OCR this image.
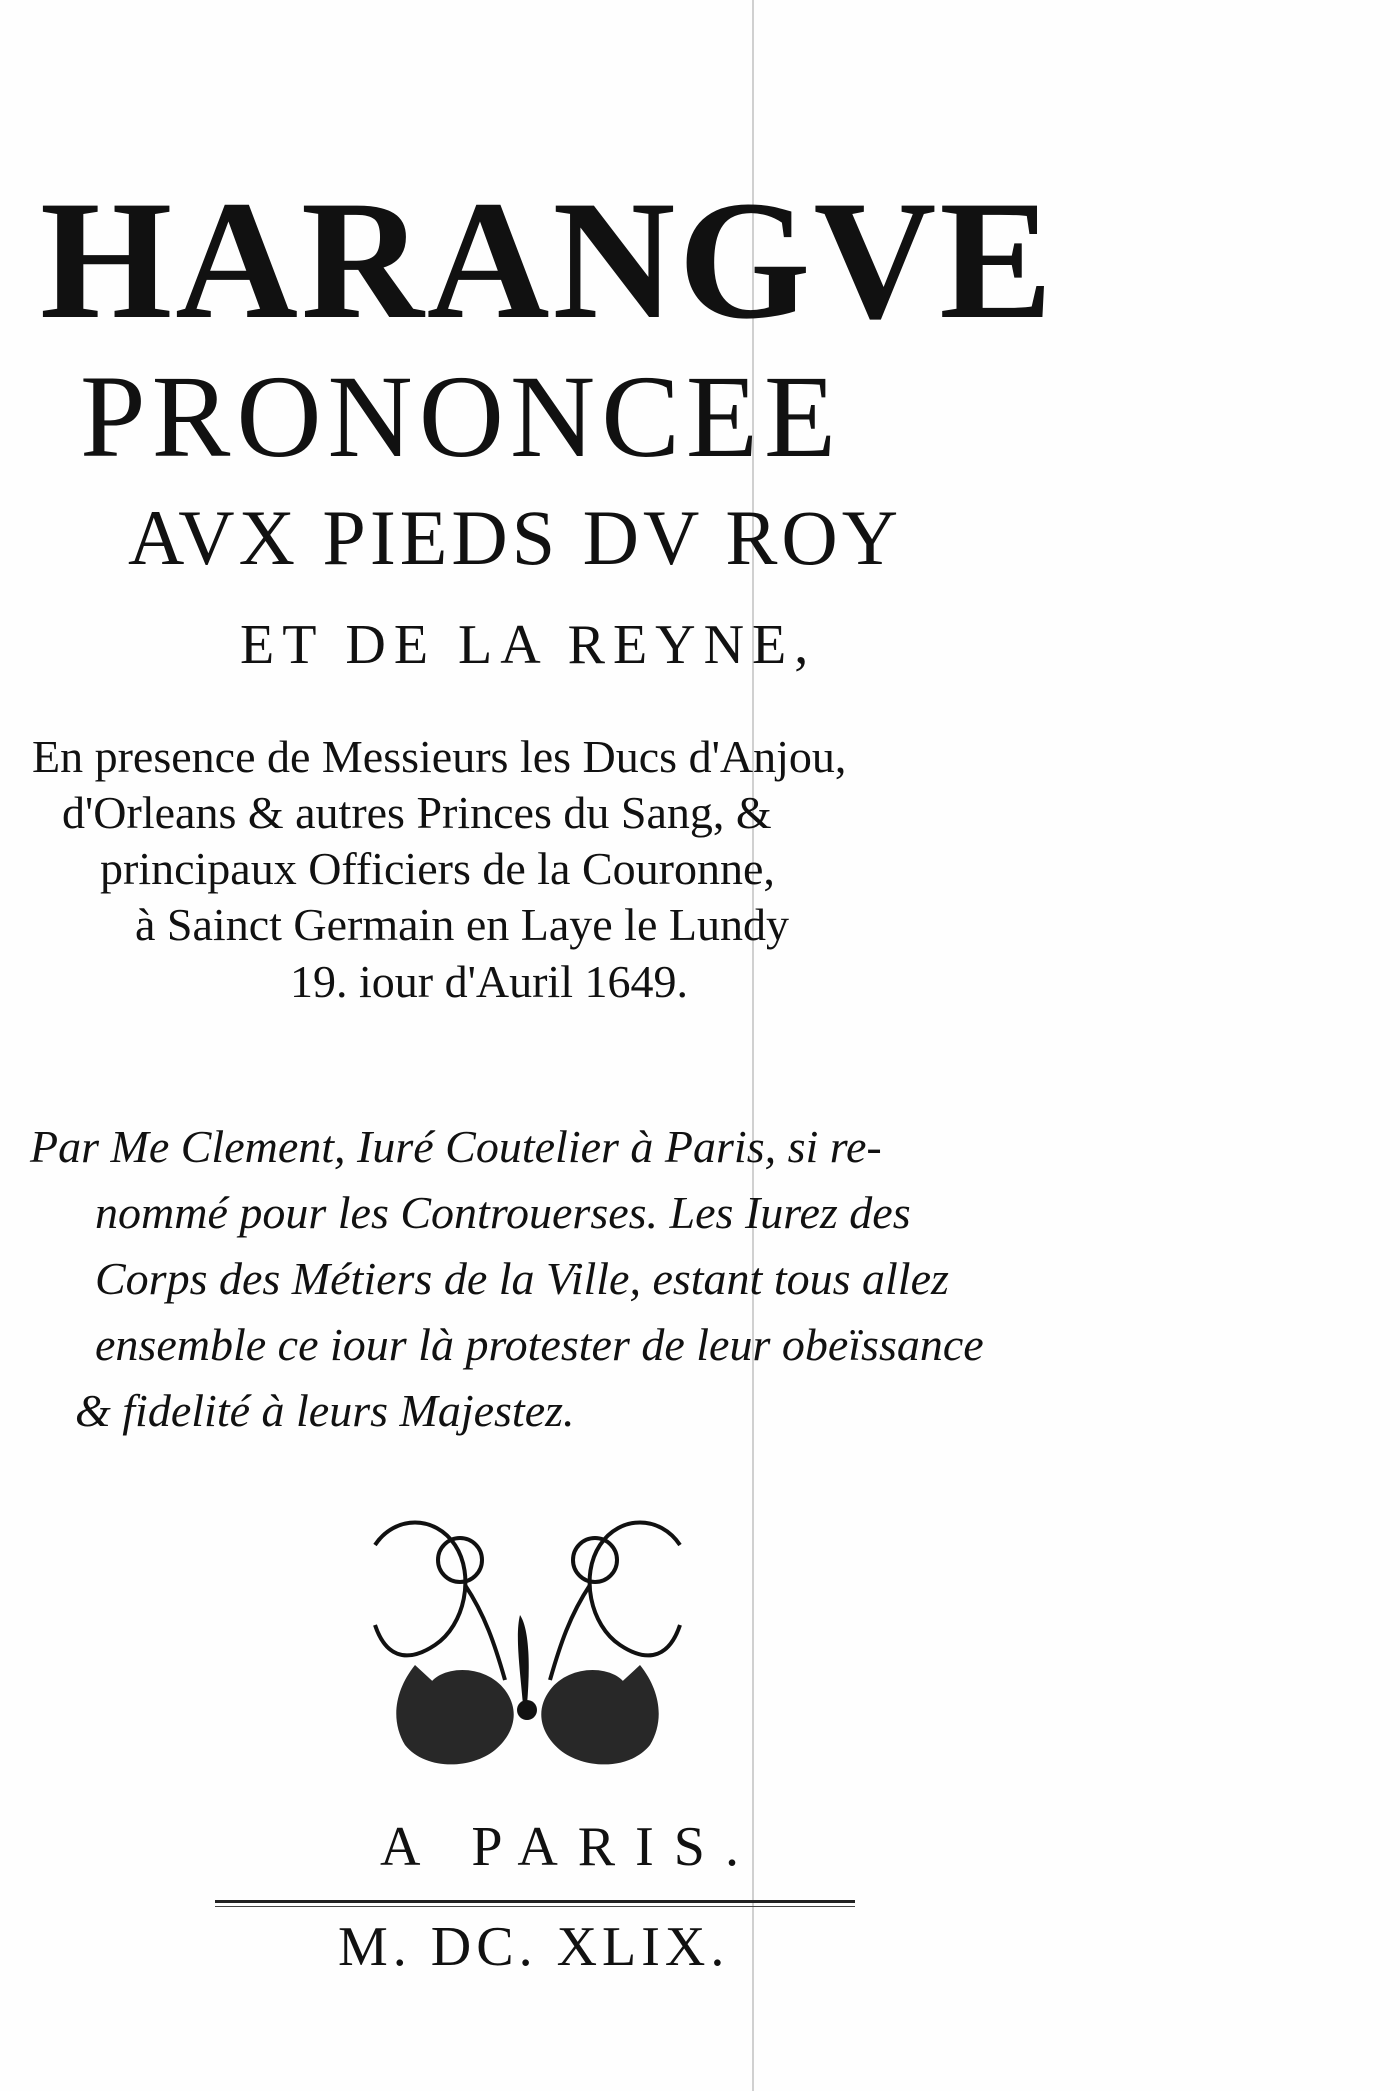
HARANGVE
PRONONCEE
AVX PIEDS DV ROY
ET DE LA REYNE,
En presence de Messieurs les Ducs d'Anjou,
d'Orleans & autres Princes du Sang, &
principaux Officiers de la Couronne,
à Sainct Germain en Laye le Lundy
19. iour d'Auril 1649.
Par Me Clement, Iuré Coutelier à Paris, si re-
nommé pour les Controuerses. Les Iurez des
Corps des Métiers de la Ville, estant tous allez
ensemble ce iour là protester de leur obeïssance
& fidelité à leurs Majestez.
A PARIS.
M. DC. XLIX.
